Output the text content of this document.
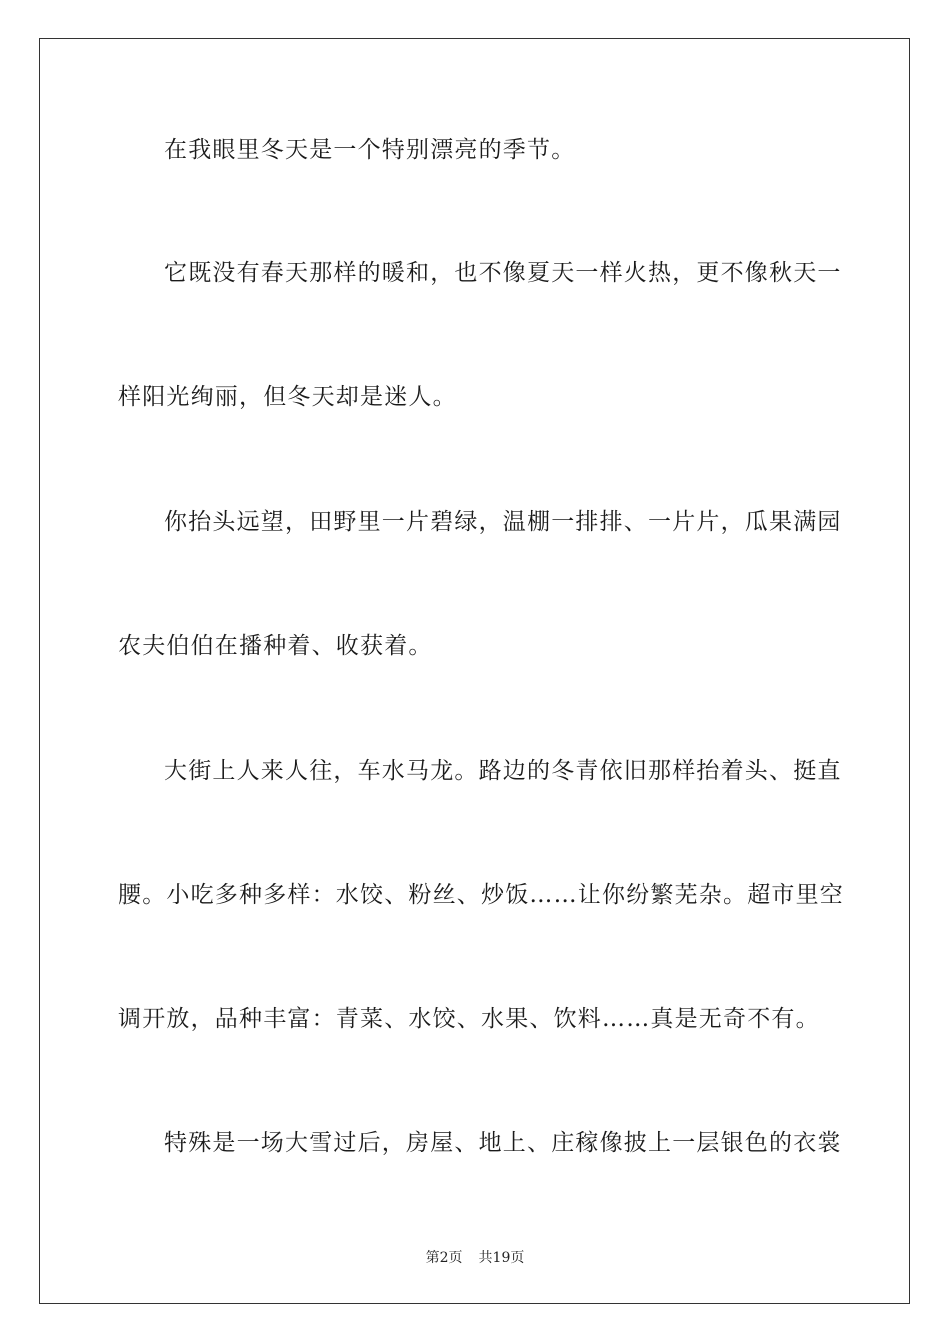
在我眼里冬天是一个特别漂亮的季节。
它既没有春天那样的暖和，也不像夏天一样火热，更不像秋天一
样阳光绚丽，但冬天却是迷人。
你抬头远望，田野里一片碧绿，温棚一排排、一片片，瓜果满园
农夫伯伯在播种着、收获着。
大街上人来人往，车水马龙。路边的冬青依旧那样抬着头、挺直
腰。小吃多种多样：水饺、粉丝、炒饭……让你纷繁芜杂。超市里空
调开放，品种丰富：青菜、水饺、水果、饮料……真是无奇不有。
特殊是一场大雪过后，房屋、地上、庄稼像披上一层银色的衣裳
第2页 共19页
